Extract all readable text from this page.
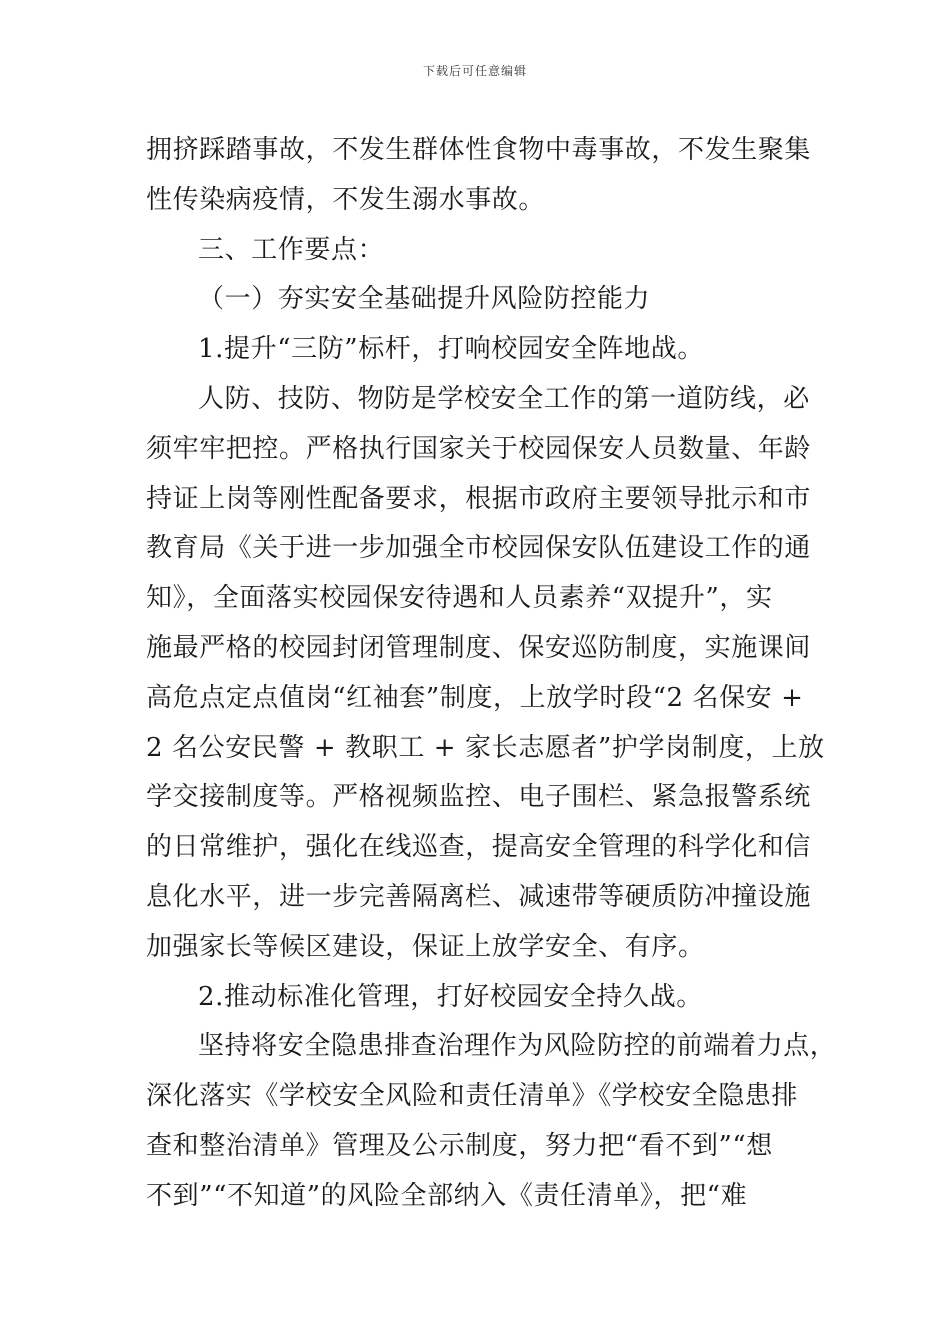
下载后可任意编辑
拥挤踩踏事故，不发生群体性食物中毒事故，不发生聚集
性传染病疫情，不发生溺水事故。
三、工作要点：
（一）夯实安全基础提升风险防控能力
1.提升“三防”标杆，打响校园安全阵地战。
人防、技防、物防是学校安全工作的第一道防线，必
须牢牢把控。严格执行国家关于校园保安人员数量、年龄
持证上岗等刚性配备要求，根据市政府主要领导批示和市
教育局《关于进一步加强全市校园保安队伍建设工作的通
知》，全面落实校园保安待遇和人员素养“双提升”，实
施最严格的校园封闭管理制度、保安巡防制度，实施课间
高危点定点值岗“红袖套”制度，上放学时段“2 名保安 +
2 名公安民警 + 教职工 + 家长志愿者”护学岗制度，上放
学交接制度等。严格视频监控、电子围栏、紧急报警系统
的日常维护，强化在线巡查，提高安全管理的科学化和信
息化水平，进一步完善隔离栏、减速带等硬质防冲撞设施
加强家长等候区建设，保证上放学安全、有序。
2.推动标准化管理，打好校园安全持久战。
坚持将安全隐患排查治理作为风险防控的前端着力点，
深化落实《学校安全风险和责任清单》《学校安全隐患排
查和整治清单》管理及公示制度，努力把“看不到”“想
不到”“不知道”的风险全部纳入《责任清单》，把“难
